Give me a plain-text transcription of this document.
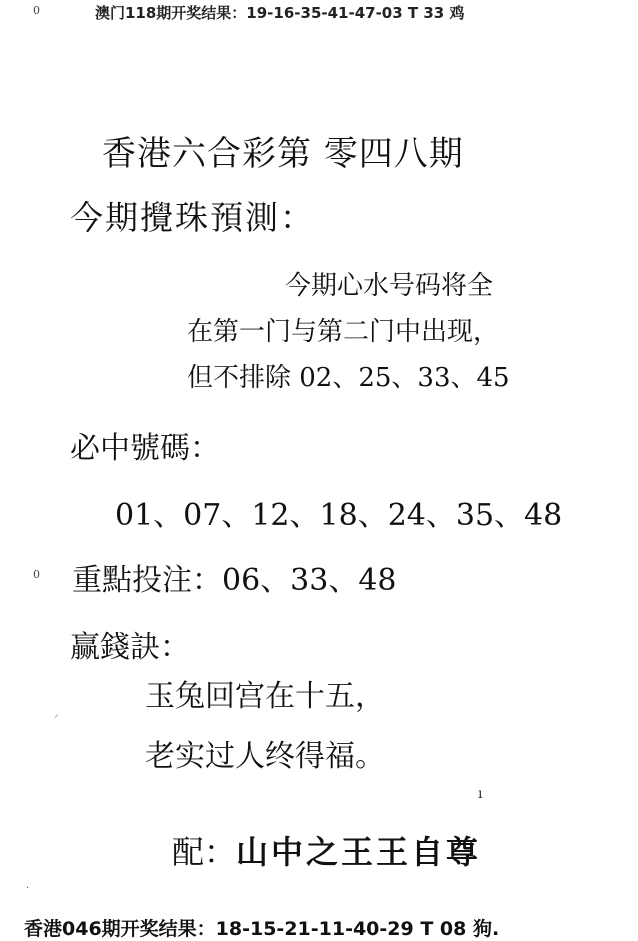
0	澳门118期开奖结果：19-16-35-41-47-03 T 33 鸡
香港六合彩第 零四八期
今期攪珠預測：
今期心水号码将全
在第一门与第二门中出现，
但不排除 02、25、33、45
必中號碼：
01、07、12、18、24、35、48
0 重點投注：06、33、48
赢錢訣：
玉兔回宫在十五，
老实过人终得福。
⸝
ı
配：山中之王王自尊
·
香港046期开奖结果：18-15-21-11-40-29 T 08 狗.
